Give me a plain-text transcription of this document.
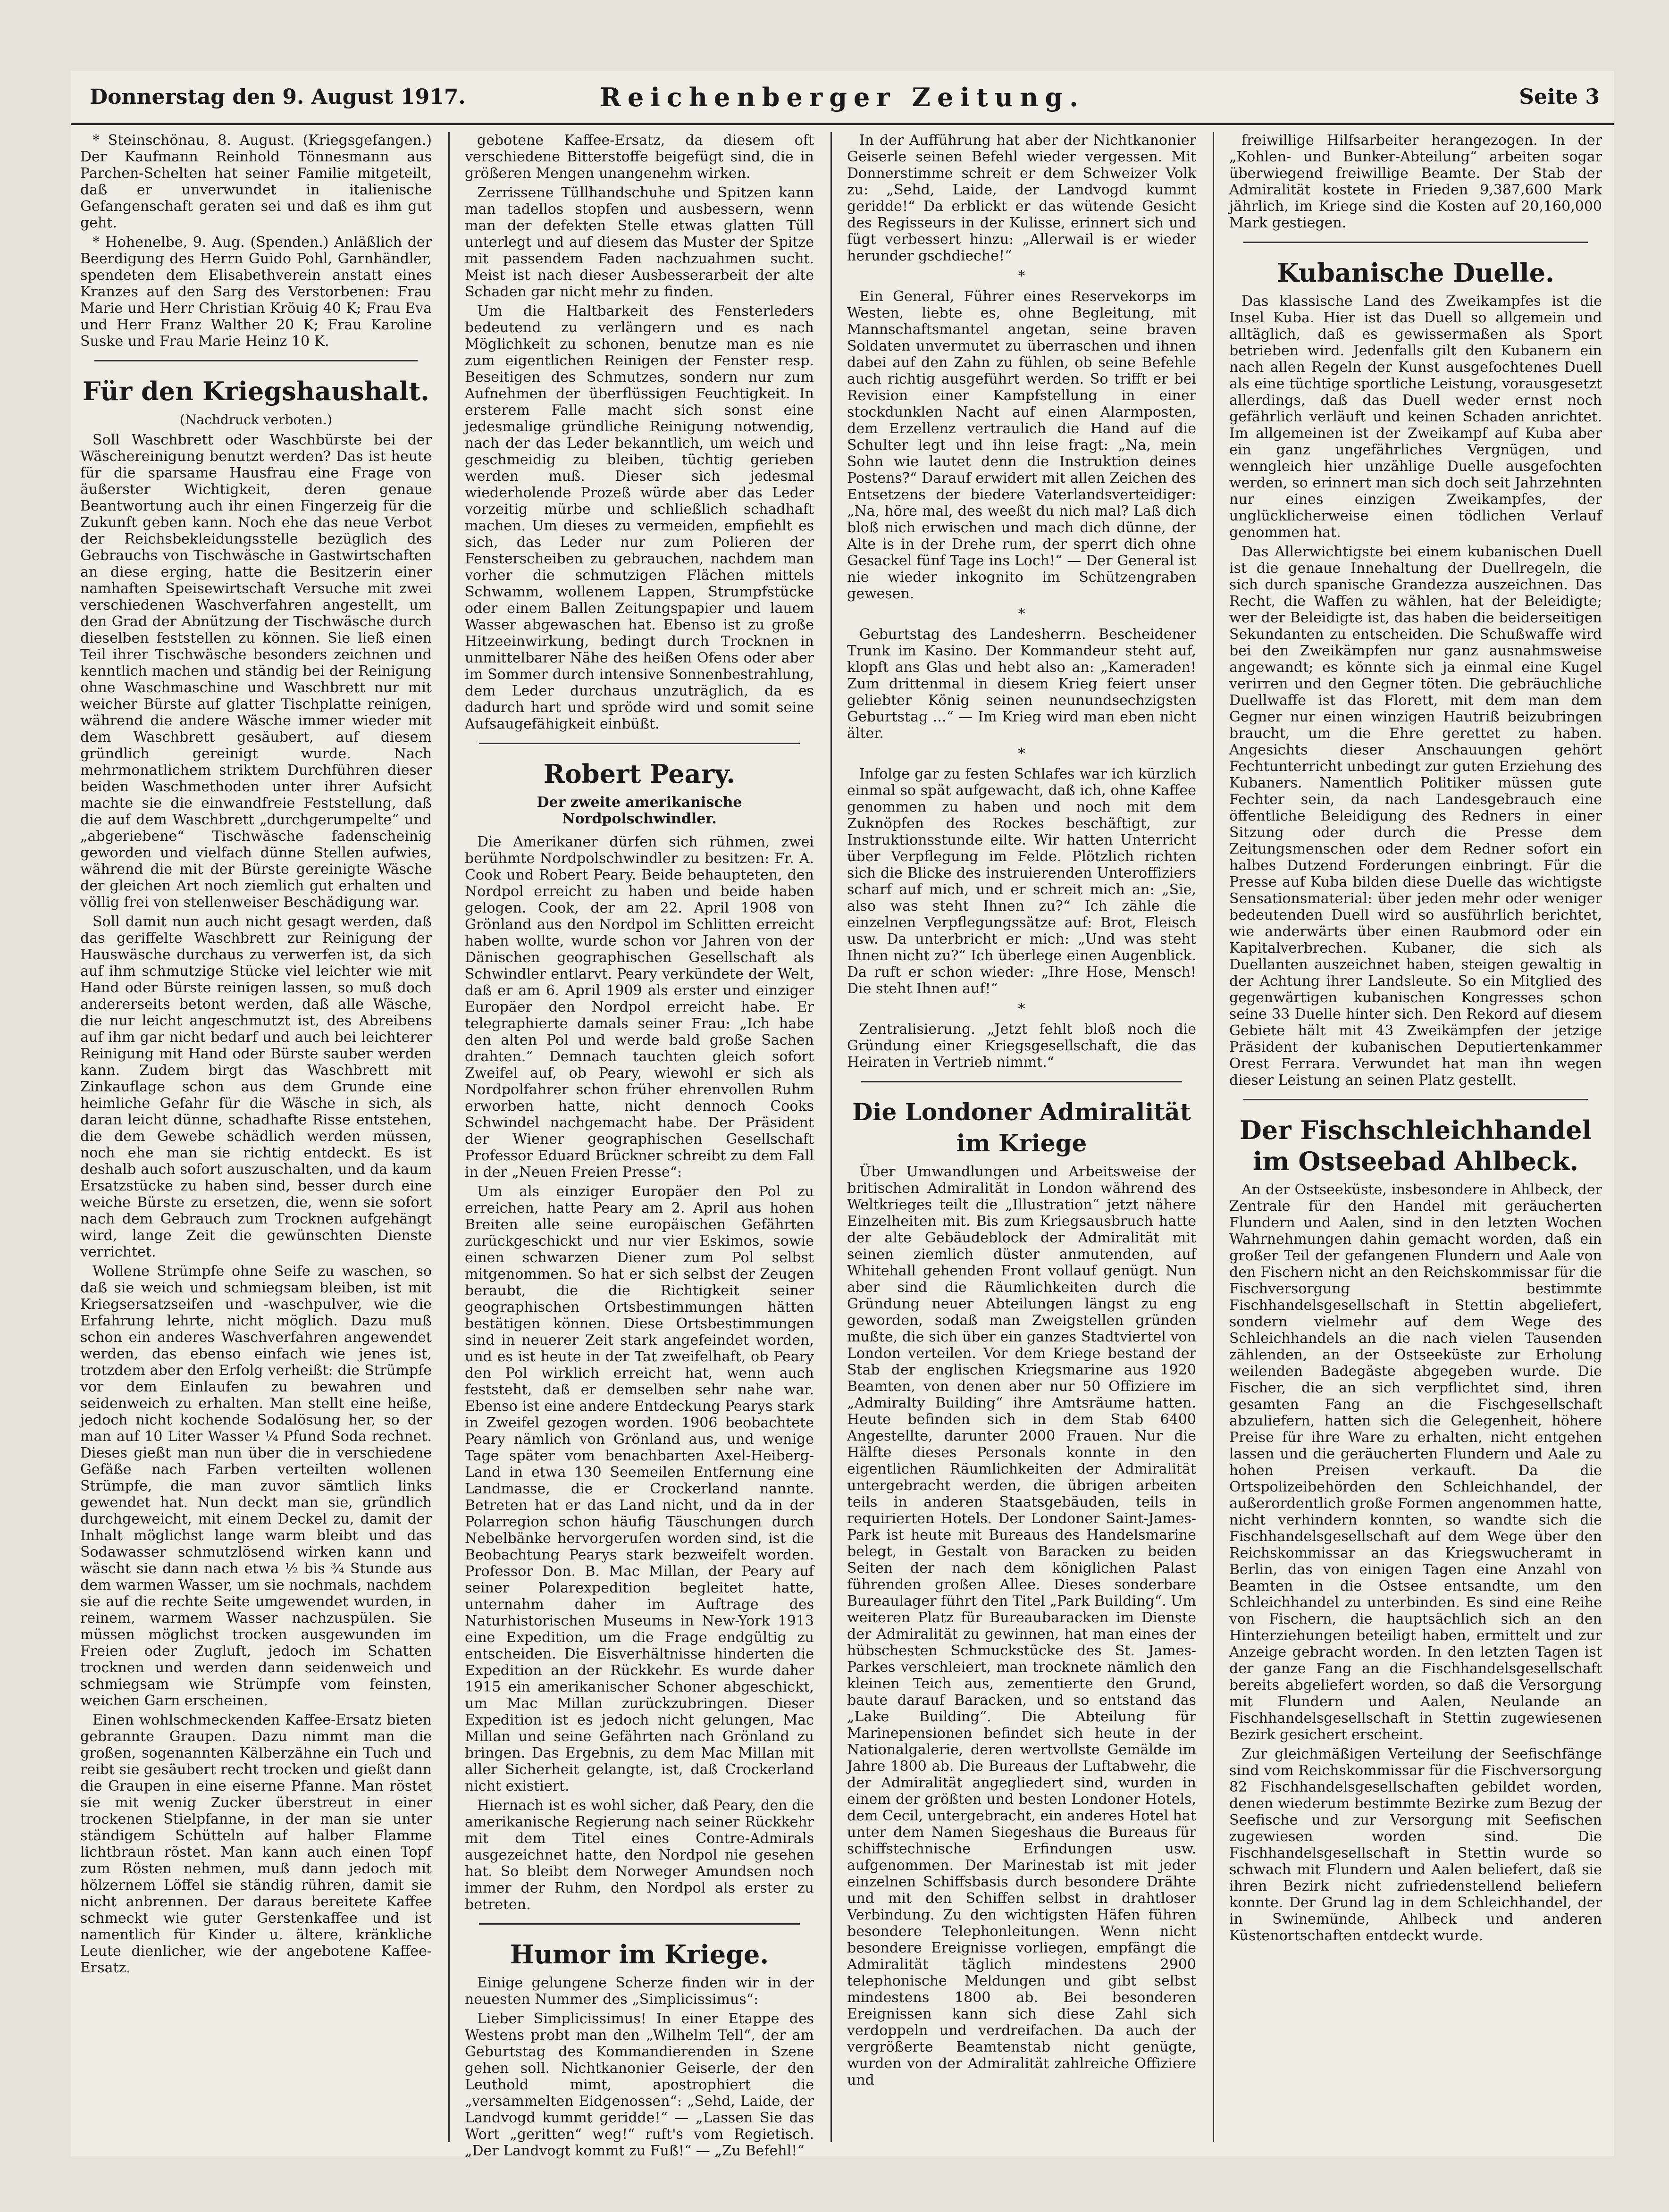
Donnerstag den 9. August 1917.	Reichenberger Zeitung.	Seite 3

* Steinschönau, 8. August. (Kriegsgefangen.) Der Kaufmann Reinhold Tönnesmann aus Parchen-Schelten hat seiner Familie mitgeteilt, daß er unverwundet in italienische Gefangenschaft geraten sei und daß es ihm gut geht.

* Hohenelbe, 9. Aug. (Spenden.) Anläßlich der Beerdigung des Herrn Guido Pohl, Garnhändler, spendeten dem Elisabethverein anstatt eines Kranzes auf den Sarg des Verstorbenen: Frau Marie und Herr Christian Kröuig 40 K; Frau Eva und Herr Franz Walther 20 K; Frau Karoline Suske und Frau Marie Heinz 10 K.

Für den Kriegshaushalt.
(Nachdruck verboten.)

Soll Waschbrett oder Waschbürste bei der Wäschereinigung benutzt werden? Das ist heute für die sparsame Hausfrau eine Frage von äußerster Wichtigkeit, deren genaue Beantwortung auch ihr einen Fingerzeig für die Zukunft geben kann. Noch ehe das neue Verbot der Reichsbekleidungsstelle bezüglich des Gebrauchs von Tischwäsche in Gastwirtschaften an diese erging, hatte die Besitzerin einer namhaften Speisewirtschaft Versuche mit zwei verschiedenen Waschverfahren angestellt, um den Grad der Abnützung der Tischwäsche durch dieselben feststellen zu können. Sie ließ einen Teil ihrer Tischwäsche besonders zeichnen und kenntlich machen und ständig bei der Reinigung ohne Waschmaschine und Waschbrett nur mit weicher Bürste auf glatter Tischplatte reinigen, während die andere Wäsche immer wieder mit dem Waschbrett gesäubert, auf diesem gründlich gereinigt wurde. Nach mehrmonatlichem striktem Durchführen dieser beiden Waschmethoden unter ihrer Aufsicht machte sie die einwandfreie Feststellung, daß die auf dem Waschbrett „durchgerumpelte“ und „abgeriebene“ Tischwäsche fadenscheinig geworden und vielfach dünne Stellen aufwies, während die mit der Bürste gereinigte Wäsche der gleichen Art noch ziemlich gut erhalten und völlig frei von stellenweiser Beschädigung war.

Soll damit nun auch nicht gesagt werden, daß das geriffelte Waschbrett zur Reinigung der Hauswäsche durchaus zu verwerfen ist, da sich auf ihm schmutzige Stücke viel leichter wie mit Hand oder Bürste reinigen lassen, so muß doch andererseits betont werden, daß alle Wäsche, die nur leicht angeschmutzt ist, des Abreibens auf ihm gar nicht bedarf und auch bei leichterer Reinigung mit Hand oder Bürste sauber werden kann. Zudem birgt das Waschbrett mit Zinkauflage schon aus dem Grunde eine heimliche Gefahr für die Wäsche in sich, als daran leicht dünne, schadhafte Risse entstehen, die dem Gewebe schädlich werden müssen, noch ehe man sie richtig entdeckt. Es ist deshalb auch sofort auszuschalten, und da kaum Ersatzstücke zu haben sind, besser durch eine weiche Bürste zu ersetzen, die, wenn sie sofort nach dem Gebrauch zum Trocknen aufgehängt wird, lange Zeit die gewünschten Dienste verrichtet.

Wollene Strümpfe ohne Seife zu waschen, so daß sie weich und schmiegsam bleiben, ist mit Kriegsersatzseifen und -waschpulver, wie die Erfahrung lehrte, nicht möglich. Dazu muß schon ein anderes Waschverfahren angewendet werden, das ebenso einfach wie jenes ist, trotzdem aber den Erfolg verheißt: die Strümpfe vor dem Einlaufen zu bewahren und seidenweich zu erhalten. Man stellt eine heiße, jedoch nicht kochende Sodalösung her, so der man auf 10 Liter Wasser ¼ Pfund Soda rechnet. Dieses gießt man nun über die in verschiedene Gefäße nach Farben verteilten wollenen Strümpfe, die man zuvor sämtlich links gewendet hat. Nun deckt man sie, gründlich durchgeweicht, mit einem Deckel zu, damit der Inhalt möglichst lange warm bleibt und das Sodawasser schmutzlösend wirken kann und wäscht sie dann nach etwa ½ bis ¾ Stunde aus dem warmen Wasser, um sie nochmals, nachdem sie auf die rechte Seite umgewendet wurden, in reinem, warmem Wasser nachzuspülen. Sie müssen möglichst trocken ausgewunden im Freien oder Zugluft, jedoch im Schatten trocknen und werden dann seidenweich und schmiegsam wie Strümpfe vom feinsten, weichen Garn erscheinen.

Einen wohlschmeckenden Kaffee-Ersatz bieten gebrannte Graupen. Dazu nimmt man die großen, sogenannten Kälberzähne ein Tuch und reibt sie gesäubert recht trocken und gießt dann die Graupen in eine eiserne Pfanne. Man röstet sie mit wenig Zucker überstreut in einer trockenen Stielpfanne, in der man sie unter ständigem Schütteln auf halber Flamme lichtbraun röstet. Man kann auch einen Topf zum Rösten nehmen, muß dann jedoch mit hölzernem Löffel sie ständig rühren, damit sie nicht anbrennen. Der daraus bereitete Kaffee schmeckt wie guter Gerstenkaffee und ist namentlich für Kinder u. ältere, kränkliche Leute dienlicher, wie der angebotene Kaffee-Ersatz.

gebotene Kaffee-Ersatz, da diesem oft verschiedene Bitterstoffe beigefügt sind, die in größeren Mengen unangenehm wirken.

Zerrissene Tüllhandschuhe und Spitzen kann man tadellos stopfen und ausbessern, wenn man der defekten Stelle etwas glatten Tüll unterlegt und auf diesem das Muster der Spitze mit passendem Faden nachzuahmen sucht. Meist ist nach dieser Ausbesserarbeit der alte Schaden gar nicht mehr zu finden.

Um die Haltbarkeit des Fensterleders bedeutend zu verlängern und es nach Möglichkeit zu schonen, benutze man es nie zum eigentlichen Reinigen der Fenster resp. Beseitigen des Schmutzes, sondern nur zum Aufnehmen der überflüssigen Feuchtigkeit. In ersterem Falle macht sich sonst eine jedesmalige gründliche Reinigung notwendig, nach der das Leder bekanntlich, um weich und geschmeidig zu bleiben, tüchtig gerieben werden muß. Dieser sich jedesmal wiederholende Prozeß würde aber das Leder vorzeitig mürbe und schließlich schadhaft machen. Um dieses zu vermeiden, empfiehlt es sich, das Leder nur zum Polieren der Fensterscheiben zu gebrauchen, nachdem man vorher die schmutzigen Flächen mittels Schwamm, wollenem Lappen, Strumpfstücke oder einem Ballen Zeitungspapier und lauem Wasser abgewaschen hat. Ebenso ist zu große Hitzeeinwirkung, bedingt durch Trocknen in unmittelbarer Nähe des heißen Ofens oder aber im Sommer durch intensive Sonnenbestrahlung, dem Leder durchaus unzuträglich, da es dadurch hart und spröde wird und somit seine Aufsaugefähigkeit einbüßt.

Robert Peary.
Der zweite amerikanische Nordpolschwindler.

Die Amerikaner dürfen sich rühmen, zwei berühmte Nordpolschwindler zu besitzen: Fr. A. Cook und Robert Peary. Beide behaupteten, den Nordpol erreicht zu haben und beide haben gelogen. Cook, der am 22. April 1908 von Grönland aus den Nordpol im Schlitten erreicht haben wollte, wurde schon vor Jahren von der Dänischen geographischen Gesellschaft als Schwindler entlarvt. Peary verkündete der Welt, daß er am 6. April 1909 als erster und einziger Europäer den Nordpol erreicht habe. Er telegraphierte damals seiner Frau: „Ich habe den alten Pol und werde bald große Sachen drahten.“ Demnach tauchten gleich sofort Zweifel auf, ob Peary, wiewohl er sich als Nordpolfahrer schon früher ehrenvollen Ruhm erworben hatte, nicht dennoch Cooks Schwindel nachgemacht habe. Der Präsident der Wiener geographischen Gesellschaft Professor Eduard Brückner schreibt zu dem Fall in der „Neuen Freien Presse“:

Um als einziger Europäer den Pol zu erreichen, hatte Peary am 2. April aus hohen Breiten alle seine europäischen Gefährten zurückgeschickt und nur vier Eskimos, sowie einen schwarzen Diener zum Pol selbst mitgenommen. So hat er sich selbst der Zeugen beraubt, die die Richtigkeit seiner geographischen Ortsbestimmungen hätten bestätigen können. Diese Ortsbestimmungen sind in neuerer Zeit stark angefeindet worden, und es ist heute in der Tat zweifelhaft, ob Peary den Pol wirklich erreicht hat, wenn auch feststeht, daß er demselben sehr nahe war. Ebenso ist eine andere Entdeckung Pearys stark in Zweifel gezogen worden. 1906 beobachtete Peary nämlich von Grönland aus, und wenige Tage später vom benachbarten Axel-Heiberg-Land in etwa 130 Seemeilen Entfernung eine Landmasse, die er Crockerland nannte. Betreten hat er das Land nicht, und da in der Polarregion schon häufig Täuschungen durch Nebelbänke hervorgerufen worden sind, ist die Beobachtung Pearys stark bezweifelt worden. Professor Don. B. Mac Millan, der Peary auf seiner Polarexpedition begleitet hatte, unternahm daher im Auftrage des Naturhistorischen Museums in New-York 1913 eine Expedition, um die Frage endgültig zu entscheiden. Die Eisverhältnisse hinderten die Expedition an der Rückkehr. Es wurde daher 1915 ein amerikanischer Schoner abgeschickt, um Mac Millan zurückzubringen. Dieser Expedition ist es jedoch nicht gelungen, Mac Millan und seine Gefährten nach Grönland zu bringen. Das Ergebnis, zu dem Mac Millan mit aller Sicherheit gelangte, ist, daß Crockerland nicht existiert.

Hiernach ist es wohl sicher, daß Peary, den die amerikanische Regierung nach seiner Rückkehr mit dem Titel eines Contre-Admirals ausgezeichnet hatte, den Nordpol nie gesehen hat. So bleibt dem Norweger Amundsen noch immer der Ruhm, den Nordpol als erster zu betreten.

Humor im Kriege.

Einige gelungene Scherze finden wir in der neuesten Nummer des „Simplicissimus“:

Lieber Simplicissimus! In einer Etappe des Westens probt man den „Wilhelm Tell“, der am Geburtstag des Kommandierenden in Szene gehen soll. Nichtkanonier Geiserle, der den Leuthold mimt, apostrophiert die „versammelten Eidgenossen“: „Sehd, Laide, der Landvogd kummt geridde!“ — „Lassen Sie das Wort „geritten“ weg!“ ruft's vom Regietisch. „Der Landvogt kommt zu Fuß!“ — „Zu Befehl!“

In der Aufführung hat aber der Nichtkanonier Geiserle seinen Befehl wieder vergessen. Mit Donnerstimme schreit er dem Schweizer Volk zu: „Sehd, Laide, der Landvogd kummt geridde!“ Da erblickt er das wütende Gesicht des Regisseurs in der Kulisse, erinnert sich und fügt verbessert hinzu: „Allerwail is er wieder herunder gschdieche!“

*

Ein General, Führer eines Reservekorps im Westen, liebte es, ohne Begleitung, mit Mannschaftsmantel angetan, seine braven Soldaten unvermutet zu überraschen und ihnen dabei auf den Zahn zu fühlen, ob seine Befehle auch richtig ausgeführt werden. So trifft er bei Revision einer Kampfstellung in einer stockdunklen Nacht auf einen Alarmposten, dem Erzellenz vertraulich die Hand auf die Schulter legt und ihn leise fragt: „Na, mein Sohn wie lautet denn die Instruktion deines Postens?“ Darauf erwidert mit allen Zeichen des Entsetzens der biedere Vaterlandsverteidiger: „Na, höre mal, des weeßt du nich mal? Laß dich bloß nich erwischen und mach dich dünne, der Alte is in der Drehe rum, der sperrt dich ohne Gesackel fünf Tage ins Loch!“ — Der General ist nie wieder inkognito im Schützengraben gewesen.

*

Geburtstag des Landesherrn. Bescheidener Trunk im Kasino. Der Kommandeur steht auf, klopft ans Glas und hebt also an: „Kameraden! Zum drittenmal in diesem Krieg feiert unser geliebter König seinen neunundsechzigsten Geburtstag ...“ — Im Krieg wird man eben nicht älter.

*

Infolge gar zu festen Schlafes war ich kürzlich einmal so spät aufgewacht, daß ich, ohne Kaffee genommen zu haben und noch mit dem Zuknöpfen des Rockes beschäftigt, zur Instruktionsstunde eilte. Wir hatten Unterricht über Verpflegung im Felde. Plötzlich richten sich die Blicke des instruierenden Unteroffiziers scharf auf mich, und er schreit mich an: „Sie, also was steht Ihnen zu?“ Ich zähle die einzelnen Verpflegungssätze auf: Brot, Fleisch usw. Da unterbricht er mich: „Und was steht Ihnen nicht zu?“ Ich überlege einen Augenblick. Da ruft er schon wieder: „Ihre Hose, Mensch! Die steht Ihnen auf!“

*

Zentralisierung. „Jetzt fehlt bloß noch die Gründung einer Kriegsgesellschaft, die das Heiraten in Vertrieb nimmt.“

Die Londoner Admiralität im Kriege

Über Umwandlungen und Arbeitsweise der britischen Admiralität in London während des Weltkrieges teilt die „Illustration“ jetzt nähere Einzelheiten mit. Bis zum Kriegsausbruch hatte der alte Gebäudeblock der Admiralität mit seinen ziemlich düster anmutenden, auf Whitehall gehenden Front vollauf genügt. Nun aber sind die Räumlichkeiten durch die Gründung neuer Abteilungen längst zu eng geworden, sodaß man Zweigstellen gründen mußte, die sich über ein ganzes Stadtviertel von London verteilen. Vor dem Kriege bestand der Stab der englischen Kriegsmarine aus 1920 Beamten, von denen aber nur 50 Offiziere im „Admiralty Building“ ihre Amtsräume hatten. Heute befinden sich in dem Stab 6400 Angestellte, darunter 2000 Frauen. Nur die Hälfte dieses Personals konnte in den eigentlichen Räumlichkeiten der Admiralität untergebracht werden, die übrigen arbeiten teils in anderen Staatsgebäuden, teils in requirierten Hotels. Der Londoner Saint-James-Park ist heute mit Bureaus des Handelsmarine belegt, in Gestalt von Baracken zu beiden Seiten der nach dem königlichen Palast führenden großen Allee. Dieses sonderbare Bureaulager führt den Titel „Park Building“. Um weiteren Platz für Bureaubaracken im Dienste der Admiralität zu gewinnen, hat man eines der hübschesten Schmuckstücke des St. James-Parkes verschleiert, man trocknete nämlich den kleinen Teich aus, zementierte den Grund, baute darauf Baracken, und so entstand das „Lake Building“. Die Abteilung für Marinepensionen befindet sich heute in der Nationalgalerie, deren wertvollste Gemälde im Jahre 1800 ab. Die Bureaus der Luftabwehr, die der Admiralität angegliedert sind, wurden in einem der größten und besten Londoner Hotels, dem Cecil, untergebracht, ein anderes Hotel hat unter dem Namen Siegeshaus die Bureaus für schiffstechnische Erfindungen usw. aufgenommen. Der Marinestab ist mit jeder einzelnen Schiffsbasis durch besondere Drähte und mit den Schiffen selbst in drahtloser Verbindung. Zu den wichtigsten Häfen führen besondere Telephonleitungen. Wenn nicht besondere Ereignisse vorliegen, empfängt die Admiralität täglich mindestens 2900 telephonische Meldungen und gibt selbst mindestens 1800 ab. Bei besonderen Ereignissen kann sich diese Zahl sich verdoppeln und verdreifachen. Da auch der vergrößerte Beamtenstab nicht genügte, wurden von der Admiralität zahlreiche Offiziere und

freiwillige Hilfsarbeiter herangezogen. In der „Kohlen- und Bunker-Abteilung“ arbeiten sogar überwiegend freiwillige Beamte. Der Stab der Admiralität kostete in Frieden 9,387,600 Mark jährlich, im Kriege sind die Kosten auf 20,160,000 Mark gestiegen.

Kubanische Duelle.

Das klassische Land des Zweikampfes ist die Insel Kuba. Hier ist das Duell so allgemein und alltäglich, daß es gewissermaßen als Sport betrieben wird. Jedenfalls gilt den Kubanern ein nach allen Regeln der Kunst ausgefochtenes Duell als eine tüchtige sportliche Leistung, vorausgesetzt allerdings, daß das Duell weder ernst noch gefährlich verläuft und keinen Schaden anrichtet. Im allgemeinen ist der Zweikampf auf Kuba aber ein ganz ungefährliches Vergnügen, und wenngleich hier unzählige Duelle ausgefochten werden, so erinnert man sich doch seit Jahrzehnten nur eines einzigen Zweikampfes, der unglücklicherweise einen tödlichen Verlauf genommen hat.

Das Allerwichtigste bei einem kubanischen Duell ist die genaue Innehaltung der Duellregeln, die sich durch spanische Grandezza auszeichnen. Das Recht, die Waffen zu wählen, hat der Beleidigte; wer der Beleidigte ist, das haben die beiderseitigen Sekundanten zu entscheiden. Die Schußwaffe wird bei den Zweikämpfen nur ganz ausnahmsweise angewandt; es könnte sich ja einmal eine Kugel verirren und den Gegner töten. Die gebräuchliche Duellwaffe ist das Florett, mit dem man dem Gegner nur einen winzigen Hautriß beizubringen braucht, um die Ehre gerettet zu haben. Angesichts dieser Anschauungen gehört Fechtunterricht unbedingt zur guten Erziehung des Kubaners. Namentlich Politiker müssen gute Fechter sein, da nach Landesgebrauch eine öffentliche Beleidigung des Redners in einer Sitzung oder durch die Presse dem Zeitungsmenschen oder dem Redner sofort ein halbes Dutzend Forderungen einbringt. Für die Presse auf Kuba bilden diese Duelle das wichtigste Sensationsmaterial: über jeden mehr oder weniger bedeutenden Duell wird so ausführlich berichtet, wie anderwärts über einen Raubmord oder ein Kapitalverbrechen. Kubaner, die sich als Duellanten auszeichnet haben, steigen gewaltig in der Achtung ihrer Landsleute. So ein Mitglied des gegenwärtigen kubanischen Kongresses schon seine 33 Duelle hinter sich. Den Rekord auf diesem Gebiete hält mit 43 Zweikämpfen der jetzige Präsident der kubanischen Deputiertenkammer Orest Ferrara. Verwundet hat man ihn wegen dieser Leistung an seinen Platz gestellt.

Der Fischschleichhandel im Ostseebad Ahlbeck.

An der Ostseeküste, insbesondere in Ahlbeck, der Zentrale für den Handel mit geräucherten Flundern und Aalen, sind in den letzten Wochen Wahrnehmungen dahin gemacht worden, daß ein großer Teil der gefangenen Flundern und Aale von den Fischern nicht an den Reichskommissar für die Fischversorgung bestimmte Fischhandelsgesellschaft in Stettin abgeliefert, sondern vielmehr auf dem Wege des Schleichhandels an die nach vielen Tausenden zählenden, an der Ostseeküste zur Erholung weilenden Badegäste abgegeben wurde. Die Fischer, die an sich verpflichtet sind, ihren gesamten Fang an die Fischgesellschaft abzuliefern, hatten sich die Gelegenheit, höhere Preise für ihre Ware zu erhalten, nicht entgehen lassen und die geräucherten Flundern und Aale zu hohen Preisen verkauft. Da die Ortspolizeibehörden den Schleichhandel, der außerordentlich große Formen angenommen hatte, nicht verhindern konnten, so wandte sich die Fischhandelsgesellschaft auf dem Wege über den Reichskommissar an das Kriegswucheramt in Berlin, das von einigen Tagen eine Anzahl von Beamten in die Ostsee entsandte, um den Schleichhandel zu unterbinden. Es sind eine Reihe von Fischern, die hauptsächlich sich an den Hinterziehungen beteiligt haben, ermittelt und zur Anzeige gebracht worden. In den letzten Tagen ist der ganze Fang an die Fischhandelsgesellschaft bereits abgeliefert worden, so daß die Versorgung mit Flundern und Aalen, Neulande an Fischhandelsgesellschaft in Stettin zugewiesenen Bezirk gesichert erscheint.

Zur gleichmäßigen Verteilung der Seefischfänge sind vom Reichskommissar für die Fischversorgung 82 Fischhandelsgesellschaften gebildet worden, denen wiederum bestimmte Bezirke zum Bezug der Seefische und zur Versorgung mit Seefischen zugewiesen worden sind. Die Fischhandelsgesellschaft in Stettin wurde so schwach mit Flundern und Aalen beliefert, daß sie ihren Bezirk nicht zufriedenstellend beliefern konnte. Der Grund lag in dem Schleichhandel, der in Swinemünde, Ahlbeck und anderen Küstenortschaften entdeckt wurde.
